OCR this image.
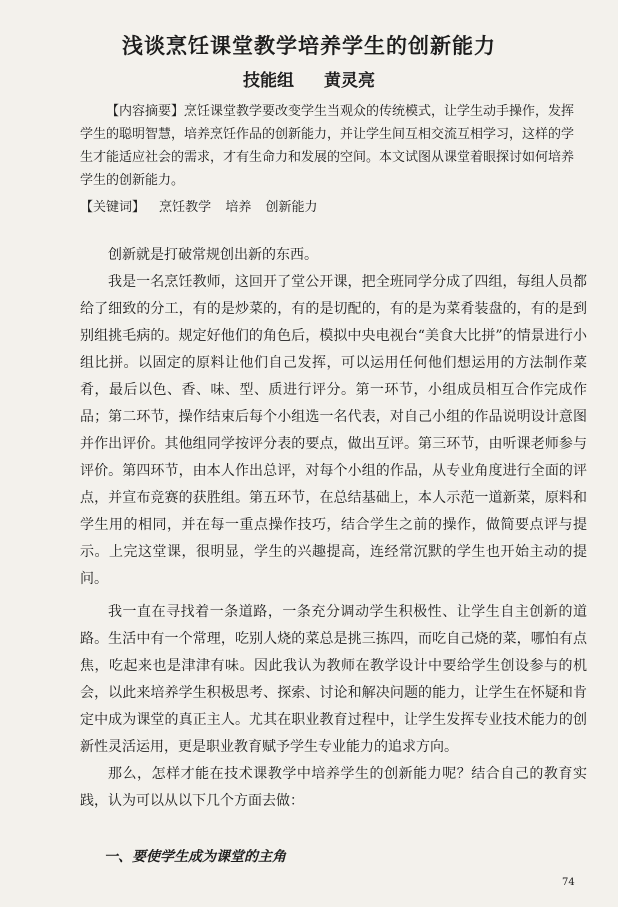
浅谈烹饪课堂教学培养学生的创新能力
技能组 黄灵亮
【内容摘要】烹饪课堂教学要改变学生当观众的传统模式，让学生动手操作，发挥学生的聪明智慧，培养烹饪作品的创新能力，并让学生间互相交流互相学习，这样的学生才能适应社会的需求，才有生命力和发展的空间。本文试图从课堂着眼探讨如何培养学生的创新能力。
【关键词】 烹饪教学 培养 创新能力

创新就是打破常规创出新的东西。

我是一名烹饪教师，这回开了堂公开课，把全班同学分成了四组，每组人员都给了细致的分工，有的是炒菜的，有的是切配的，有的是为菜肴装盘的，有的是到别组挑毛病的。规定好他们的角色后，模拟中央电视台“美食大比拼”的情景进行小组比拼。以固定的原料让他们自己发挥，可以运用任何他们想运用的方法制作菜肴，最后以色、香、味、型、质进行评分。第一环节，小组成员相互合作完成作品；第二环节，操作结束后每个小组选一名代表，对自己小组的作品说明设计意图并作出评价。其他组同学按评分表的要点，做出互评。第三环节，由听课老师参与评价。第四环节，由本人作出总评，对每个小组的作品，从专业角度进行全面的评点，并宣布竞赛的获胜组。第五环节，在总结基础上，本人示范一道新菜，原料和学生用的相同，并在每一重点操作技巧，结合学生之前的操作，做简要点评与提示。上完这堂课，很明显，学生的兴趣提高，连经常沉默的学生也开始主动的提问。

我一直在寻找着一条道路，一条充分调动学生积极性、让学生自主创新的道路。生活中有一个常理，吃别人烧的菜总是挑三拣四，而吃自己烧的菜，哪怕有点焦，吃起来也是津津有味。因此我认为教师在教学设计中要给学生创设参与的机会，以此来培养学生积极思考、探索、讨论和解决问题的能力，让学生在怀疑和肯定中成为课堂的真正主人。尤其在职业教育过程中，让学生发挥专业技术能力的创新性灵活运用，更是职业教育赋予学生专业能力的追求方向。

那么，怎样才能在技术课教学中培养学生的创新能力呢？结合自己的教育实践，认为可以从以下几个方面去做：

一、要使学生成为课堂的主角
74
